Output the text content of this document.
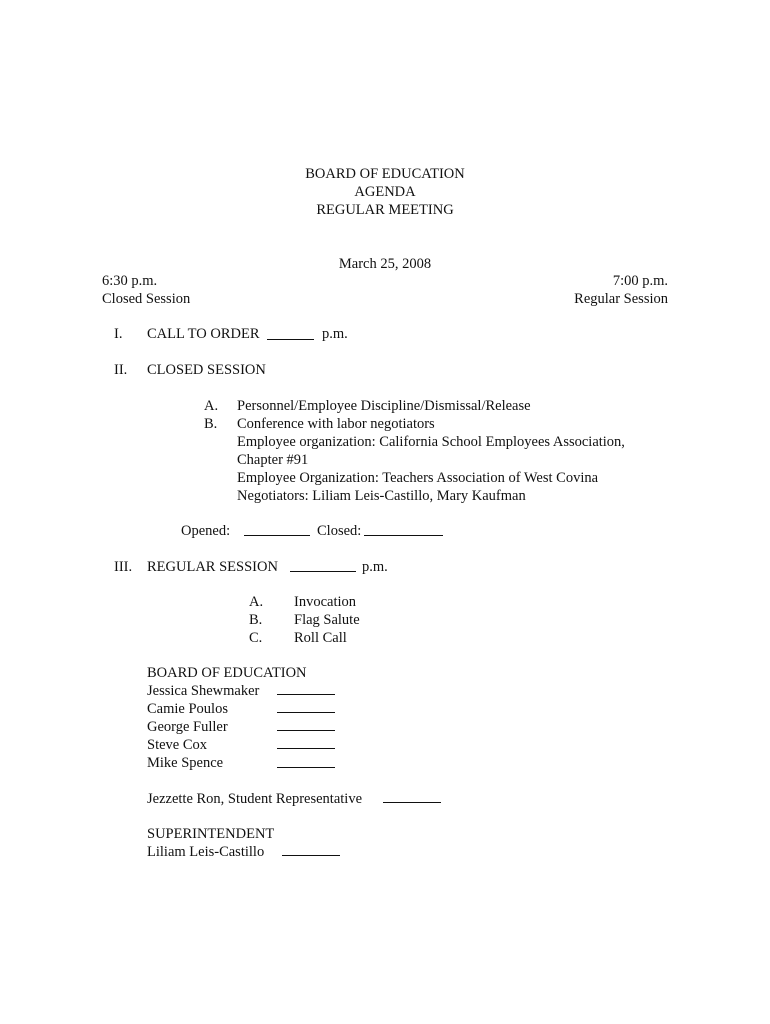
BOARD OF EDUCATION
AGENDA
REGULAR MEETING
March 25, 2008
6:30 p.m.
Closed Session
7:00 p.m.
Regular Session
I. CALL TO ORDER	p.m.
II. CLOSED SESSION
A. Personnel/Employee Discipline/Dismissal/Release
B. Conference with labor negotiators
Employee organization: California School Employees Association,
Chapter #91
Employee Organization: Teachers Association of West Covina
Negotiators: Liliam Leis-Castillo, Mary Kaufman
Opened:	Closed:
III. REGULAR SESSION	p.m.
A. Invocation
B. Flag Salute
C. Roll Call
BOARD OF EDUCATION
Jessica Shewmaker
Camie Poulos
George Fuller
Steve Cox
Mike Spence
Jezzette Ron, Student Representative
SUPERINTENDENT
Liliam Leis-Castillo
